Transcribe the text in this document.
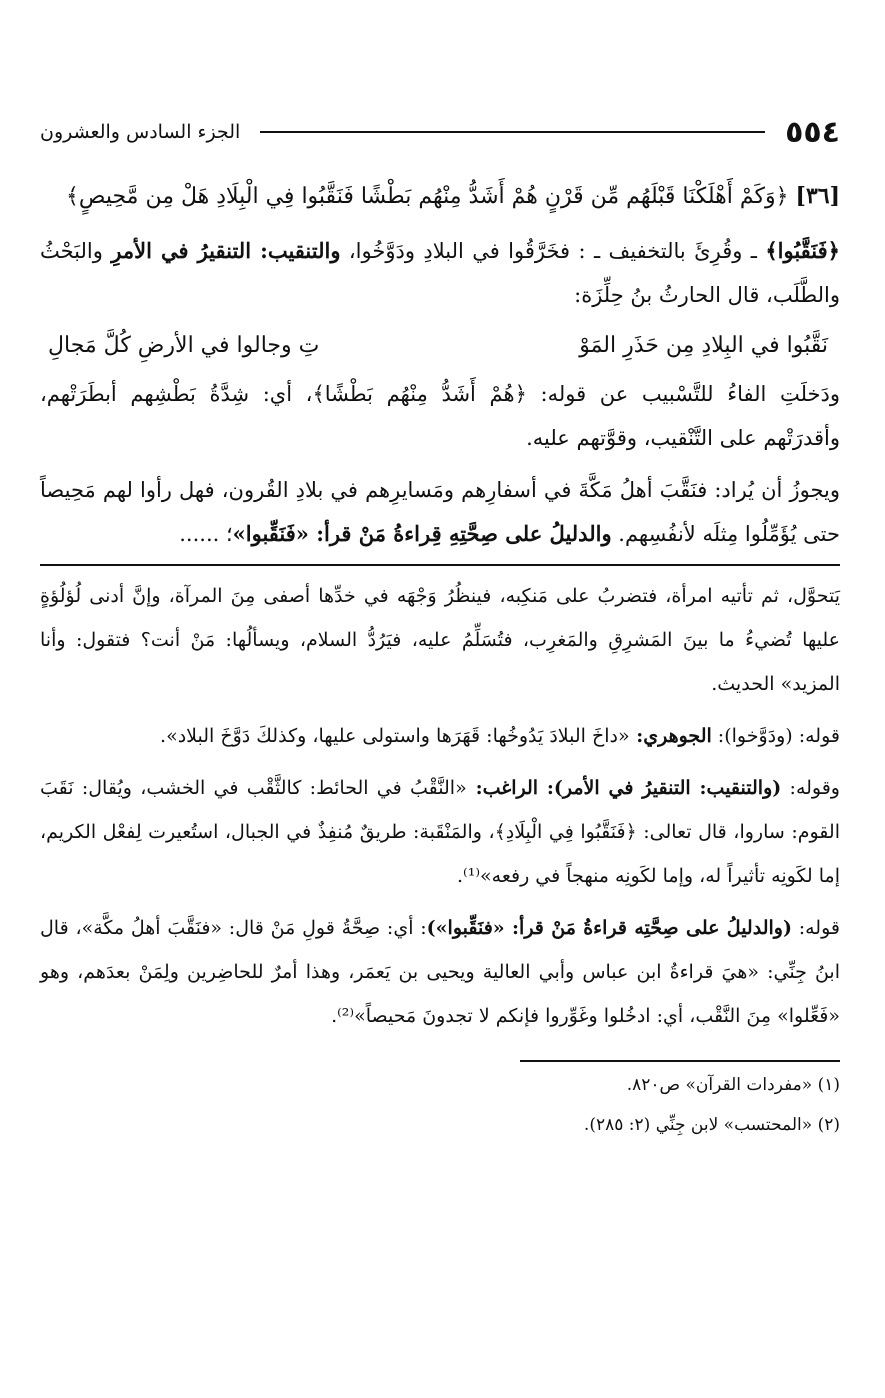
٥٥٤
الجزء السادس والعشرون
[٣٦] ﴿وَكَمْ أَهْلَكْنَا قَبْلَهُم مِّن قَرْنٍ هُمْ أَشَدُّ مِنْهُم بَطْشًا فَنَقَّبُوا فِي الْبِلَادِ هَلْ مِن مَّحِيصٍ﴾

﴿فَنَقَّبُوا﴾ ـ وقُرِئَ بالتخفيف ـ : فخَرَّقُوا في البلادِ ودَوَّخُوا، والتنقيب: التنقيرُ في الأمرِ والبَحْثُ والطَّلَب، قال الحارثُ بنُ حِلِّزَة:

نَقَّبُوا في البِلادِ مِن حَذَرِ المَوْ
تِ وجالوا في الأرضِ كُلَّ مَجالِ

ودَخلَتِ الفاءُ للتَّسْبيب عن قوله: ﴿هُمْ أَشَدُّ مِنْهُم بَطْشًا﴾، أي: شِدَّةُ بَطْشِهم أبطَرَتْهم، وأقدرَتْهم على التَّنْقيب، وقوَّتهم عليه.

ويجوزُ أن يُراد: فنَقَّبَ أهلُ مَكَّةَ في أسفارِهم ومَسايرِهم في بلادِ القُرون، فهل رأوا لهم مَحِيصاً حتى يُؤَمِّلُوا مِثلَه لأنفُسِهم. والدليلُ على صِحَّتِهِ قِراءةُ مَنْ قرأ: «فَنَقِّبوا»؛ ......

يَتحوَّل، ثم تأتيه امرأة، فتضربُ على مَنكِبه، فينظُرُ وَجْهَه في خدِّها أصفى مِنَ المرآة، وإنَّ أدنى لُؤلُؤةٍ عليها تُضيءُ ما بينَ المَشرِقِ والمَغرِب، فتُسَلِّمُ عليه، فيَرُدُّ السلام، ويسألُها: مَنْ أنت؟ فتقول: وأنا المزيد» الحديث.

قوله: (ودَوَّخوا): الجوهري: «داخَ البلادَ يَدُوخُها: قَهَرَها واستولى عليها، وكذلكَ دَوَّخَ البلاد».

وقوله: (والتنقيب: التنقيرُ في الأمر): الراغب: «النَّقْبُ في الحائط: كالثَّقْب في الخشب، ويُقال: نَقَبَ القوم: ساروا، قال تعالى: ﴿فَنَقَّبُوا فِي الْبِلَادِ﴾، والمَنْقَبة: طريقٌ مُنفِذٌ في الجبال، استُعيرت لِفعْل الكريم، إما لكَونِه تأثيراً له، وإما لكَونِه منهجاً في رفعه»⁽¹⁾.

قوله: (والدليلُ على صِحَّتِه قراءةُ مَنْ قرأ: «فنَقِّبوا»): أي: صِحَّةُ قولِ مَنْ قال: «فنَقَّبَ أهلُ مكَّة»، قال ابنُ جِنِّي: «هيَ قراءةُ ابن عباس وأبي العالية ويحيى بن يَعمَر، وهذا أمرٌ للحاضِرين ولِمَنْ بعدَهم، وهو «فَعِّلوا» مِنَ النَّقْب، أي: ادخُلوا وغَوِّروا فإنكم لا تجدونَ مَحيصاً»⁽²⁾.

(١) «مفردات القرآن» ص٨٢٠.

(٢) «المحتسب» لابن جِنِّي (٢: ٢٨٥).
